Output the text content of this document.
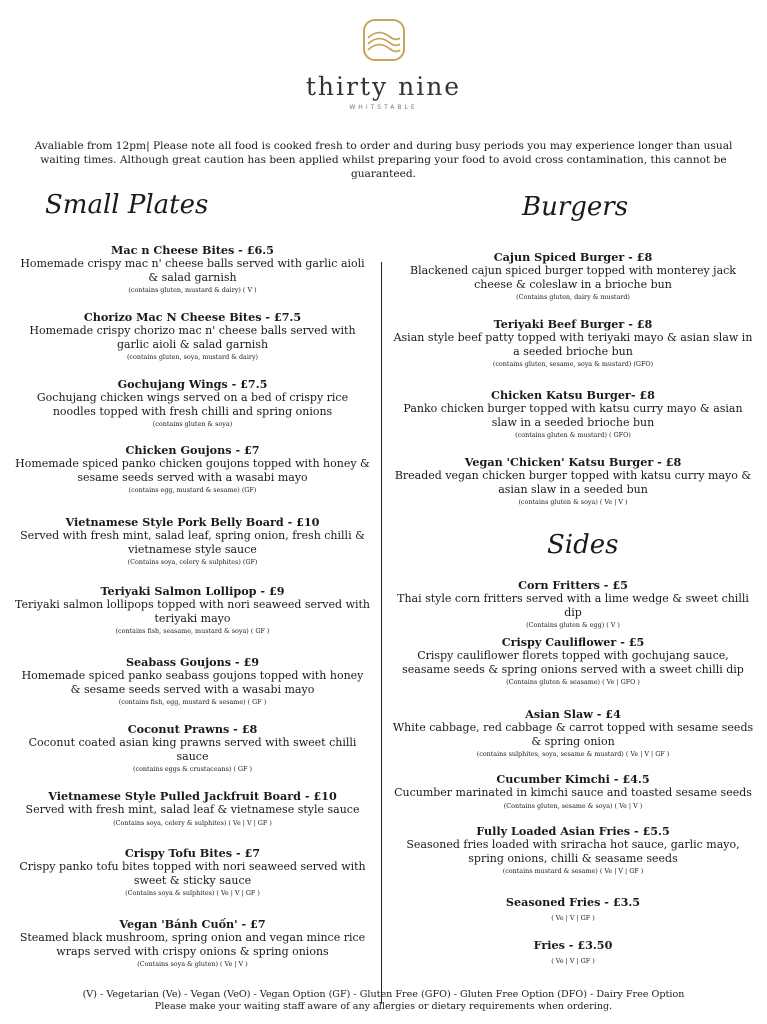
thirty nine
WHITSTABLE
Avaliable from 12pm| Please note all food is cooked fresh to order and during busy periods you may experience longer than usual waiting times. Although great caution has been applied whilst preparing your food to avoid cross contamination, this cannot be guaranteed.
Small Plates
Mac n Cheese Bites - £6.5
Homemade crispy mac n' cheese balls served with garlic aioli & salad garnish
(contains gluten, mustard & dairy) ( V )
Chorizo Mac N Cheese Bites - £7.5
Homemade crispy chorizo mac n' cheese balls served with garlic aioli & salad garnish
(contains gluten, soya, mustard & dairy)
Gochujang Wings - £7.5
Gochujang chicken wings served on a bed of crispy rice noodles topped with fresh chilli and spring onions
(contains gluten & soya)
Chicken Goujons - £7
Homemade spiced panko chicken goujons topped with honey & sesame seeds served with a wasabi mayo
(contains egg, mustard & sesame) (GF)
Vietnamese Style Pork Belly Board - £10
Served with fresh mint, salad leaf, spring onion, fresh chilli & vietnamese style sauce
(Contains soya, celery & sulphites) (GF)
Teriyaki Salmon Lollipop - £9
Teriyaki salmon lollipops topped with nori seaweed served with teriyaki mayo
(contains fish, seasame, mustard & soya) ( GF )
Seabass Goujons - £9
Homemade spiced panko seabass goujons topped with honey & sesame seeds served with a wasabi mayo
(contains fish, egg, mustard & sesame) ( GF )
Coconut Prawns - £8
Coconut coated asian king prawns served with sweet chilli sauce
(contains eggs & crustaceans) ( GF )
Vietnamese Style Pulled Jackfruit Board - £10
Served with fresh mint, salad leaf & vietnamese style sauce
(Contains soya, celery & sulphites) ( Ve | V | GF )
Crispy Tofu Bites - £7
Crispy panko tofu bites topped with nori seaweed served with sweet & sticky sauce
(Contains soya & sulphites) ( Ve | V | GF )
Vegan 'Bánh Cuốn' - £7
Steamed black mushroom, spring onion and vegan mince rice wraps served with crispy onions & spring onions
(Contains soya & gluten) ( Ve | V )
Burgers
Cajun Spiced Burger - £8
Blackened cajun spiced burger topped with monterey jack cheese & coleslaw in a brioche bun
(Contains gluten, dairy & mustard)
Teriyaki Beef Burger - £8
Asian style beef patty topped with teriyaki mayo & asian slaw in a seeded brioche bun
(contains gluten, sesame, soya & mustard) (GFO)
Chicken Katsu Burger- £8
Panko chicken burger topped with katsu curry mayo & asian slaw in a seeded brioche bun
(contains gluten & mustard) ( GFO)
Vegan 'Chicken' Katsu Burger - £8
Breaded vegan chicken burger topped with katsu curry mayo & asian slaw in a seeded bun
(contains gluten & soya) ( Ve | V )
Sides
Corn Fritters - £5
Thai style corn fritters served with a lime wedge & sweet chilli dip
(Contains gluten & egg) ( V )
Crispy Cauliflower - £5
Crispy cauliflower florets topped with gochujang sauce, seasame seeds & spring onions served with a sweet chilli dip
(Contains gluten & seasame) ( Ve | GFO )
Asian Slaw - £4
White cabbage, red cabbage & carrot topped with sesame seeds & spring onion
(contains sulphites, soya, sesame & mustard) ( Ve | V | GF )
Cucumber Kimchi - £4.5
Cucumber marinated in kimchi sauce and toasted sesame seeds
(Contains gluten, sesame & soya) ( Ve | V )
Fully Loaded Asian Fries - £5.5
Seasoned fries loaded with sriracha hot sauce, garlic mayo, spring onions, chilli & seasame seeds
(contains mustard & sesame) ( Ve | V | GF )
Seasoned Fries - £3.5
( Ve | V | GF )
Fries - £3.50
( Ve | V | GF )
(V) - Vegetarian (Ve) - Vegan (VeO) - Vegan Option (GF) - Gluten Free (GFO) - Gluten Free Option (DFO) - Dairy Free Option
Please make your waiting staff aware of any allergies or dietary requirements when ordering.
